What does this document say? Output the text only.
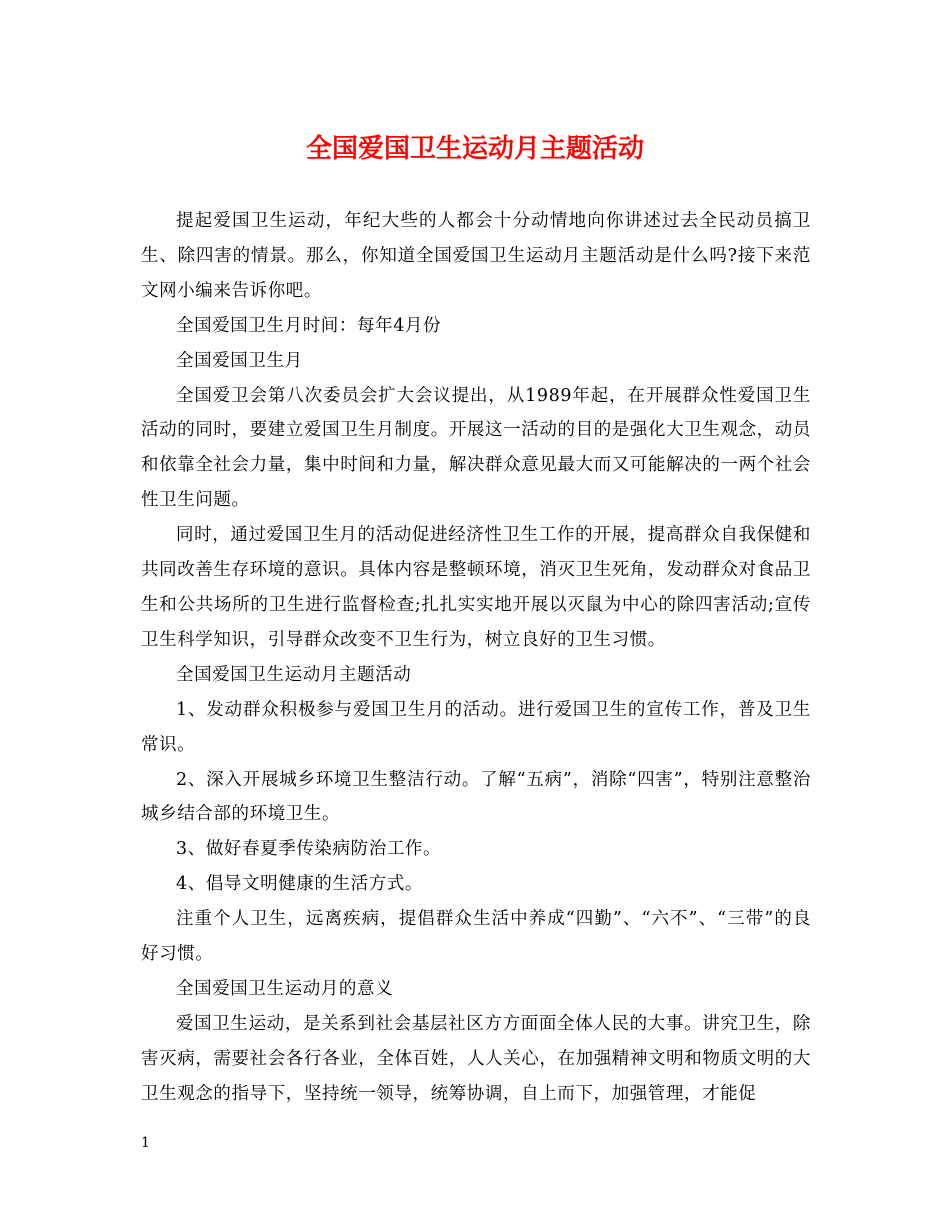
全国爱国卫生运动月主题活动

提起爱国卫生运动，年纪大些的人都会十分动情地向你讲述过去全民动员搞卫生、除四害的情景。那么，你知道全国爱国卫生运动月主题活动是什么吗?接下来范文网小编来告诉你吧。

全国爱国卫生月时间：每年4月份

全国爱国卫生月

全国爱卫会第八次委员会扩大会议提出，从1989年起，在开展群众性爱国卫生活动的同时，要建立爱国卫生月制度。开展这一活动的目的是强化大卫生观念，动员和依靠全社会力量，集中时间和力量，解决群众意见最大而又可能解决的一两个社会性卫生问题。

同时，通过爱国卫生月的活动促进经济性卫生工作的开展，提高群众自我保健和共同改善生存环境的意识。具体内容是整顿环境，消灭卫生死角，发动群众对食品卫生和公共场所的卫生进行监督检查;扎扎实实地开展以灭鼠为中心的除四害活动;宣传卫生科学知识，引导群众改变不卫生行为，树立良好的卫生习惯。

全国爱国卫生运动月主题活动

1、发动群众积极参与爱国卫生月的活动。进行爱国卫生的宣传工作，普及卫生常识。

2、深入开展城乡环境卫生整洁行动。了解“五病”，消除“四害”，特别注意整治城乡结合部的环境卫生。

3、做好春夏季传染病防治工作。

4、倡导文明健康的生活方式。

注重个人卫生，远离疾病，提倡群众生活中养成“四勤”、“六不”、“三带”的良好习惯。

全国爱国卫生运动月的意义

爱国卫生运动，是关系到社会基层社区方方面面全体人民的大事。讲究卫生，除害灭病，需要社会各行各业，全体百姓，人人关心，在加强精神文明和物质文明的大卫生观念的指导下，坚持统一领导，统筹协调，自上而下，加强管理，才能促

1
